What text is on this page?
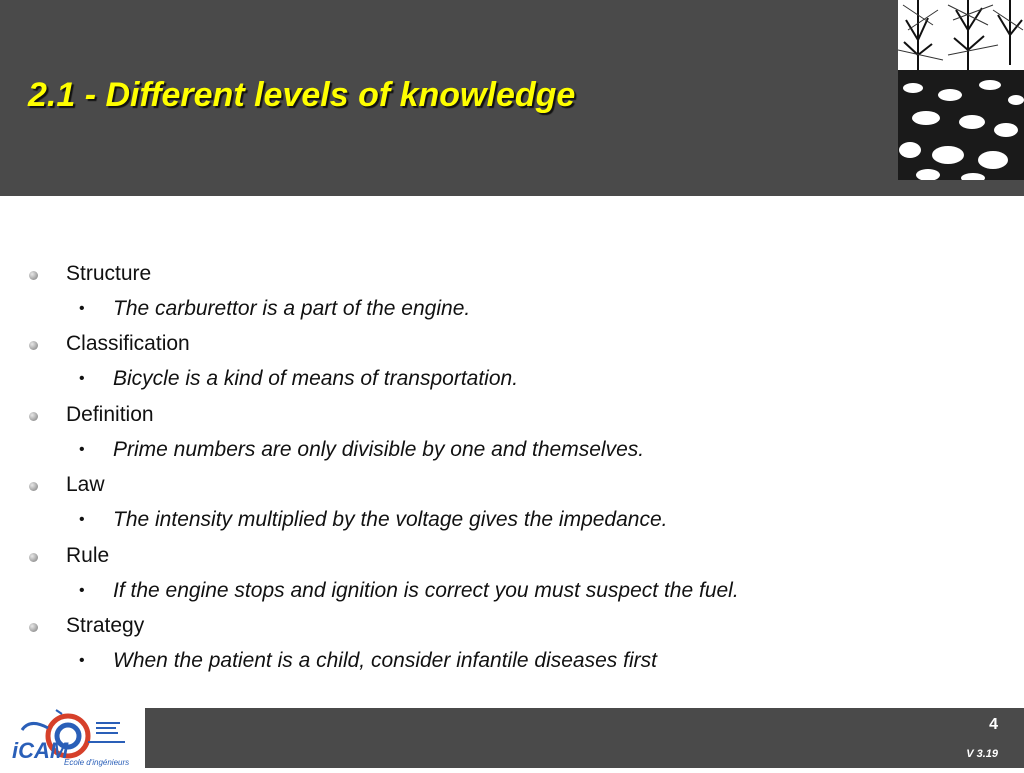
2.1 - Different levels of knowledge
Structure
• The carburettor is a part of the engine.
Classification
• Bicycle is a kind of means of transportation.
Definition
• Prime numbers are only divisible by one and themselves.
Law
• The intensity multiplied by the voltage gives the impedance.
Rule
• If the engine stops and ignition is correct you must suspect the fuel.
Strategy
• When the patient is a child, consider infantile diseases first
iCAM
Ecole d'ingénieurs
4
V 3.19
